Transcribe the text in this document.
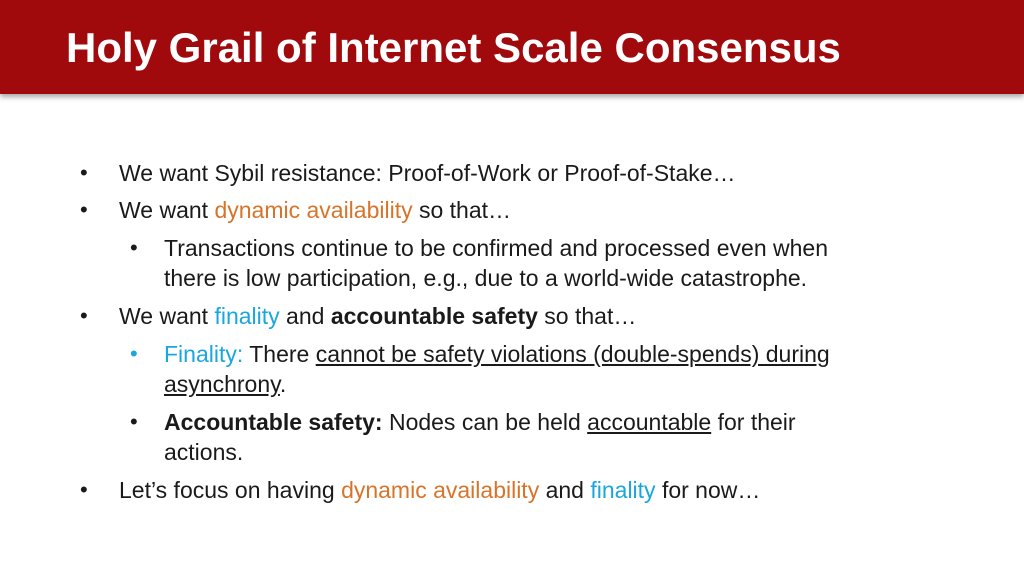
Holy Grail of Internet Scale Consensus
• We want Sybil resistance: Proof-of-Work or Proof-of-Stake…
• We want dynamic availability so that…
• Transactions continue to be confirmed and processed even when
there is low participation, e.g., due to a world-wide catastrophe.
• We want finality and accountable safety so that…
• Finality: There cannot be safety violations (double-spends) during
asynchrony.
• Accountable safety: Nodes can be held accountable for their
actions.
• Let’s focus on having dynamic availability and finality for now…
